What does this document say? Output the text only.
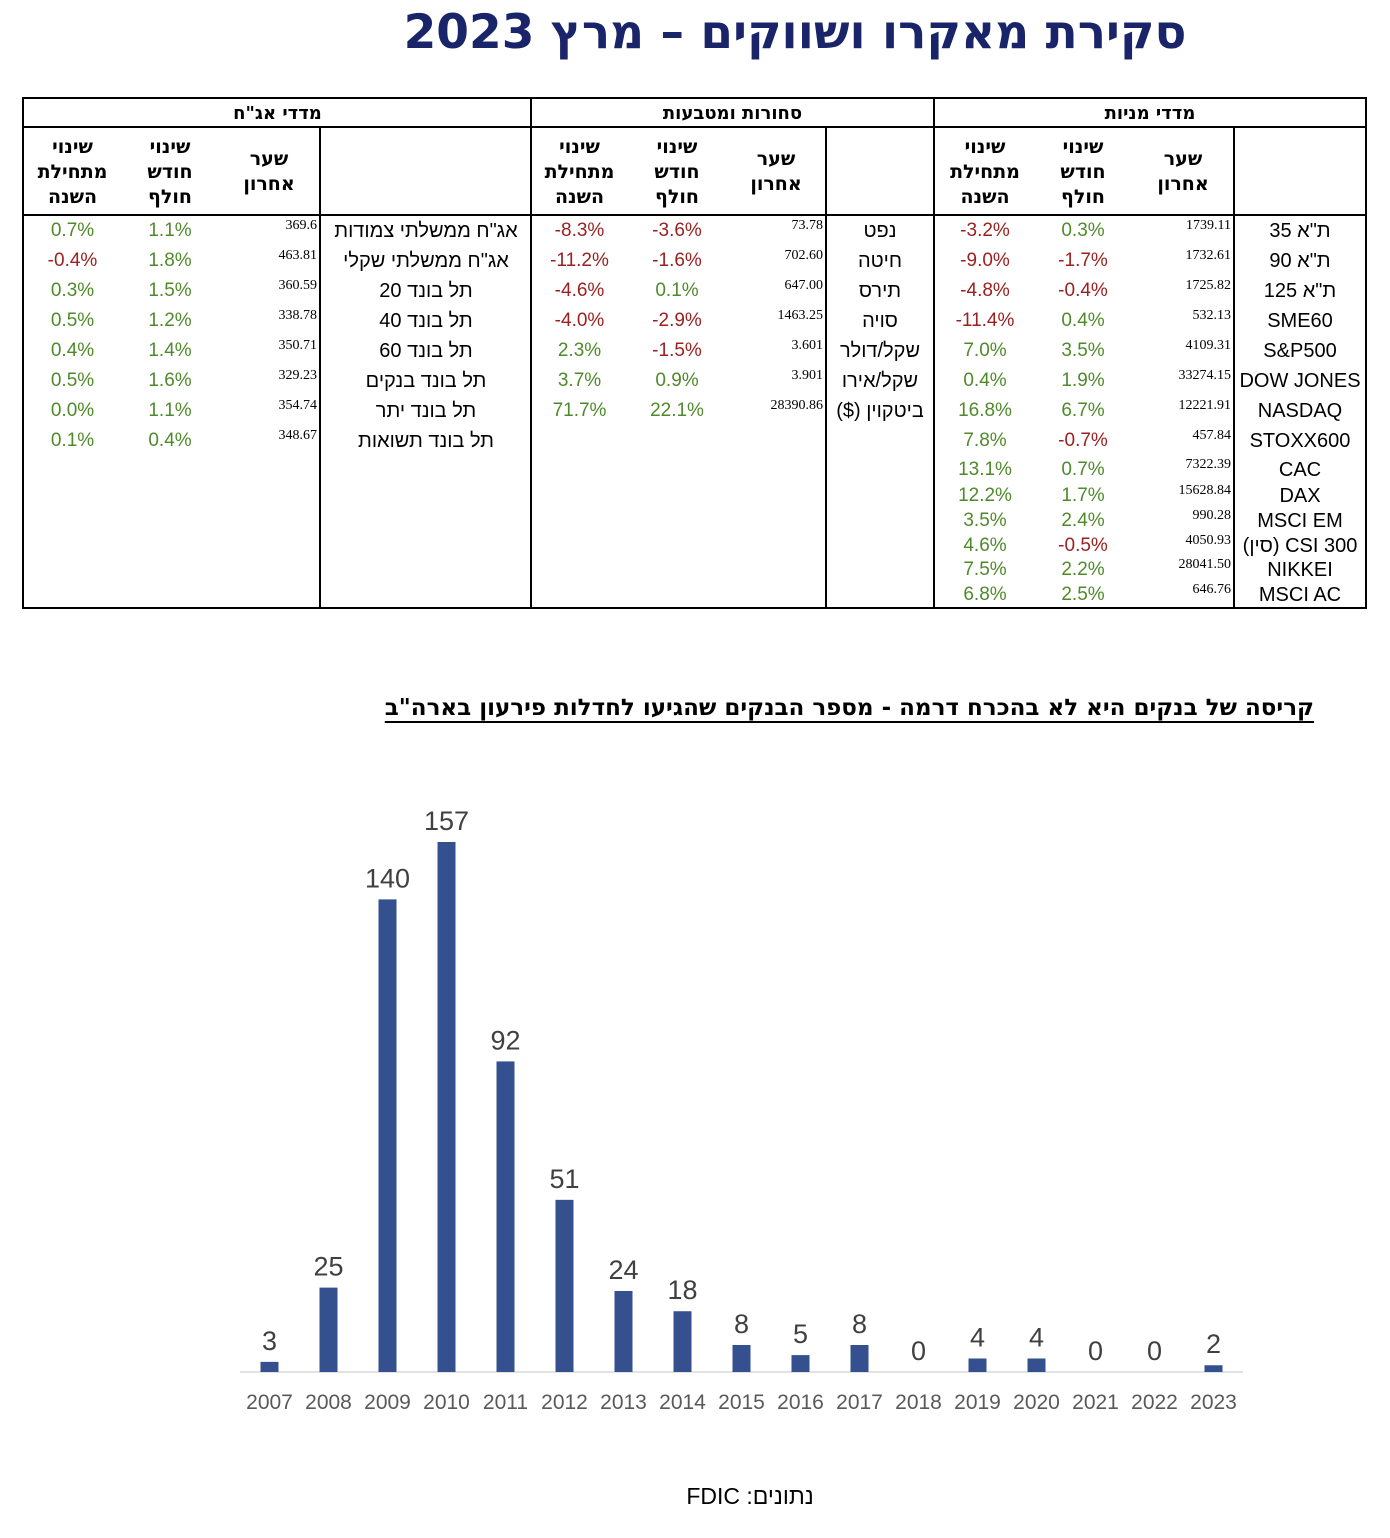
סקירת מאקרו ושווקים – מרץ 2023
מדדי מניות
שער
אחרון
שינוי
חודש
חולף
שינוי
מתחילת
השנה
ת"א 35
1739.11
0.3%
-3.2%
ת"א 90
1732.61
-1.7%
-9.0%
ת"א 125
1725.82
-0.4%
-4.8%
SME60
532.13
0.4%
-11.4%
S&P500
4109.31
3.5%
7.0%
DOW JONES
33274.15
1.9%
0.4%
NASDAQ
12221.91
6.7%
16.8%
STOXX600
457.84
-0.7%
7.8%
CAC
7322.39
0.7%
13.1%
DAX
15628.84
1.7%
12.2%
MSCI EM
990.28
2.4%
3.5%
CSI 300 (סין)
4050.93
-0.5%
4.6%
NIKKEI
28041.50
2.2%
7.5%
MSCI AC
646.76
2.5%
6.8%
סחורות ומטבעות
שער
אחרון
שינוי
חודש
חולף
שינוי
מתחילת
השנה
נפט
73.78
-3.6%
-8.3%
חיטה
702.60
-1.6%
-11.2%
תירס
647.00
0.1%
-4.6%
סויה
1463.25
-2.9%
-4.0%
שקל/דולר
3.601
-1.5%
2.3%
שקל/אירו
3.901
0.9%
3.7%
ביטקוין ($)
28390.86
22.1%
71.7%
מדדי אג"ח
שער
אחרון
שינוי
חודש
חולף
שינוי
מתחילת
השנה
אג"ח ממשלתי צמודות
369.6
1.1%
0.7%
אג"ח ממשלתי שקלי
463.81
1.8%
-0.4%
תל בונד 20
360.59
1.5%
0.3%
תל בונד 40
338.78
1.2%
0.5%
תל בונד 60
350.71
1.4%
0.4%
תל בונד בנקים
329.23
1.6%
0.5%
תל בונד יתר
354.74
1.1%
0.0%
תל בונד תשואות
348.67
0.4%
0.1%
קריסה של בנקים היא לא בהכרח דרמה - מספר הבנקים שהגיעו לחדלות פירעון בארה"ב
3
2007
25
2008
140
2009
157
2010
92
2011
51
2012
24
2013
18
2014
8
2015
5
2016
8
2017
0
2018
4
2019
4
2020
0
2021
0
2022
2
2023
נתונים: FDIC
